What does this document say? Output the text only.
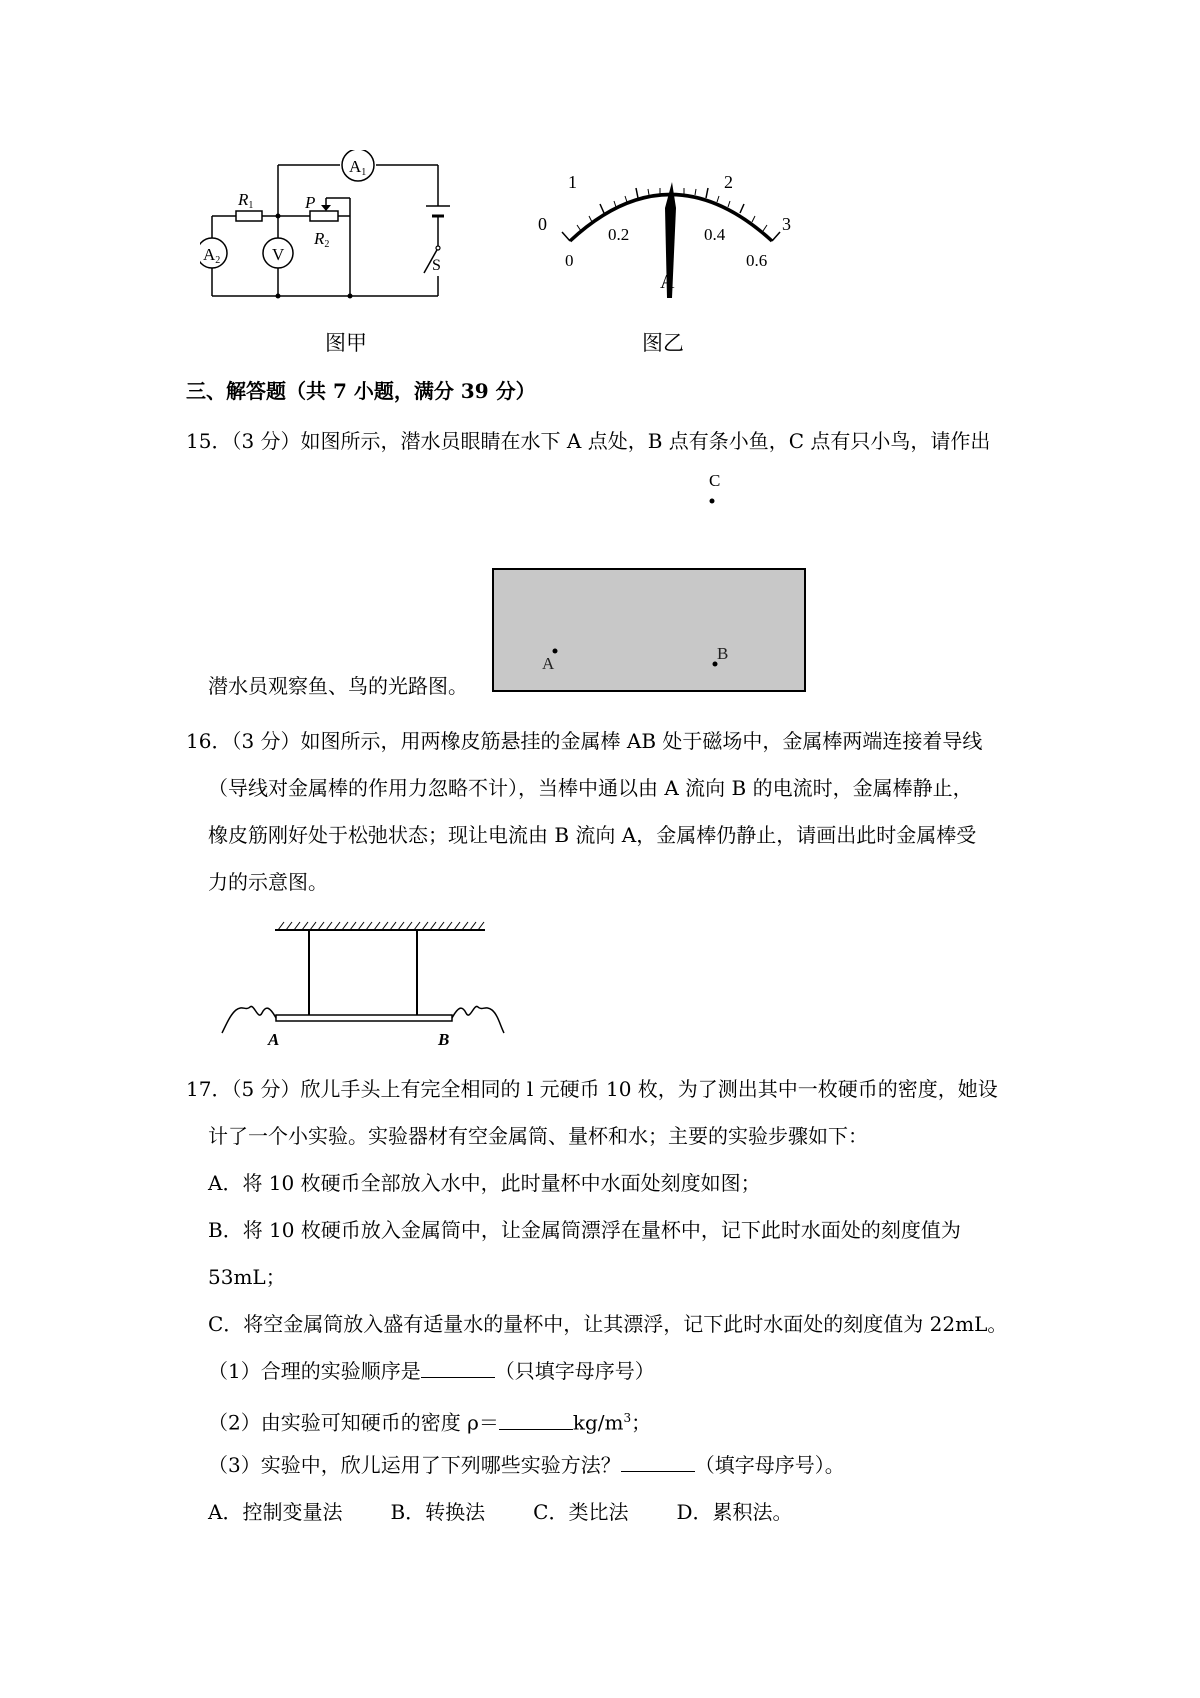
A1
A2	V
R1
R2
P
S
图甲
0
1	2
3
0
0.2	0.4
0.6
A
图乙
三、解答题（共 7 小题，满分 39 分）
15．（3 分）如图所示，潜水员眼睛在水下 A 点处，B 点有条小鱼，C 点有只小鸟，请作出
C
A
B
潜水员观察鱼、鸟的光路图。
16．（3 分）如图所示，用两橡皮筋悬挂的金属棒 AB 处于磁场中，金属棒两端连接着导线
（导线对金属棒的作用力忽略不计），当棒中通以由 A 流向 B 的电流时，金属棒静止，
橡皮筋刚好处于松弛状态；现让电流由 B 流向 A，金属棒仍静止，请画出此时金属棒受
力的示意图。
A	B
17．（5 分）欣儿手头上有完全相同的 l 元硬币 10 枚，为了测出其中一枚硬币的密度，她设
计了一个小实验。实验器材有空金属筒、量杯和水；主要的实验步骤如下：
A．将 10 枚硬币全部放入水中，此时量杯中水面处刻度如图；
B．将 10 枚硬币放入金属筒中，让金属筒漂浮在量杯中，记下此时水面处的刻度值为
53mL；
C．将空金属筒放入盛有适量水的量杯中，让其漂浮，记下此时水面处的刻度值为 22mL。
（1）合理的实验顺序是	（只填字母序号）
（2）由实验可知硬币的密度 ρ＝	$kg/m^3$；
（3）实验中，欣儿运用了下列哪些实验方法？	（填字母序号）。
A．控制变量法 B．转换法 C．类比法 D．累积法。
